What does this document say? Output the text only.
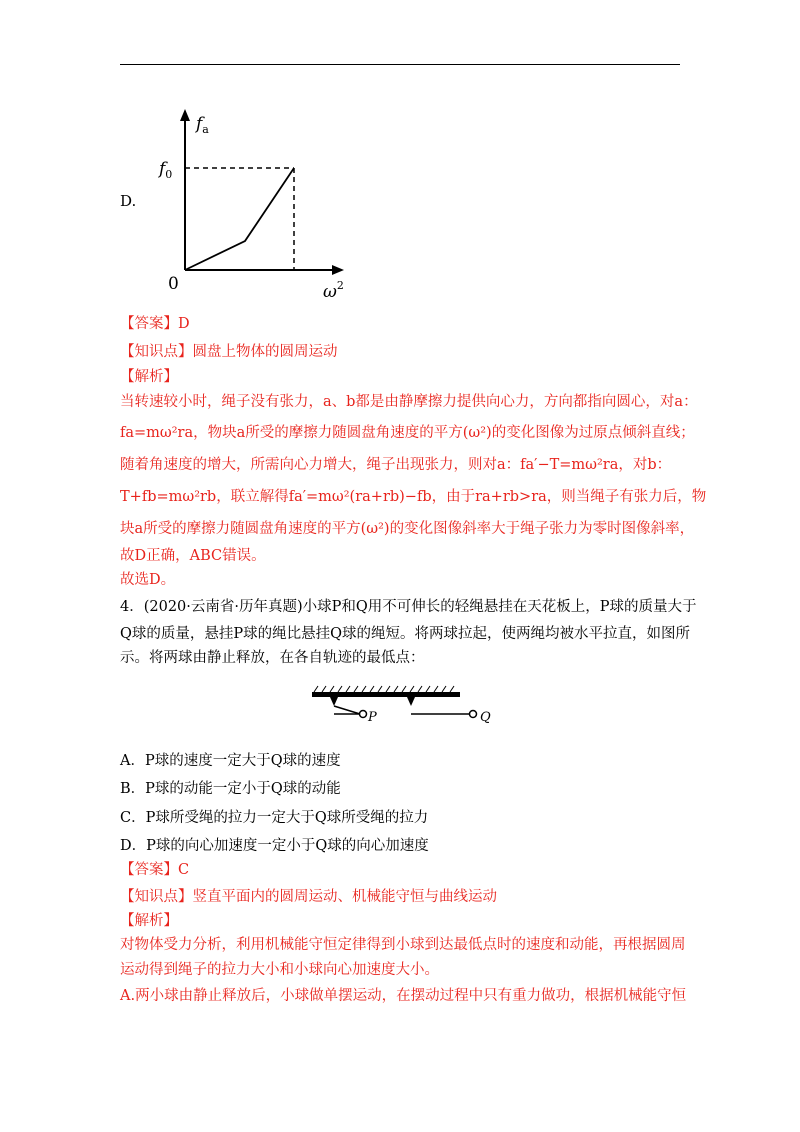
D.
$f_a$
$f_0$
0	$\omega^2$
【答案】D
【知识点】圆盘上物体的圆周运动
【解析】
当转速较小时，绳子没有张力，a、b都是由静摩擦力提供向心力，方向都指向圆心，对a：
fa=mω²ra，物块a所受的摩擦力随圆盘角速度的平方(ω²)的变化图像为过原点倾斜直线；
随着角速度的增大，所需向心力增大，绳子出现张力，则对a：fa′−T=mω²ra，对b：
T+fb=mω²rb，联立解得fa′=mω²(ra+rb)−fb，由于ra+rb>ra，则当绳子有张力后，物
块a所受的摩擦力随圆盘角速度的平方(ω²)的变化图像斜率大于绳子张力为零时图像斜率，
故D正确，ABC错误。
故选D。
4．(2020·云南省·历年真题)小球P和Q用不可伸长的轻绳悬挂在天花板上，P球的质量大于
Q球的质量，悬挂P球的绳比悬挂Q球的绳短。将两球拉起，使两绳均被水平拉直，如图所
示。将两球由静止释放，在各自轨迹的最低点：
P	Q
A．P球的速度一定大于Q球的速度
B．P球的动能一定小于Q球的动能
C．P球所受绳的拉力一定大于Q球所受绳的拉力
D．P球的向心加速度一定小于Q球的向心加速度
【答案】C
【知识点】竖直平面内的圆周运动、机械能守恒与曲线运动
【解析】
对物体受力分析，利用机械能守恒定律得到小球到达最低点时的速度和动能，再根据圆周
运动得到绳子的拉力大小和小球向心加速度大小。
A.两小球由静止释放后，小球做单摆运动，在摆动过程中只有重力做功，根据机械能守恒
